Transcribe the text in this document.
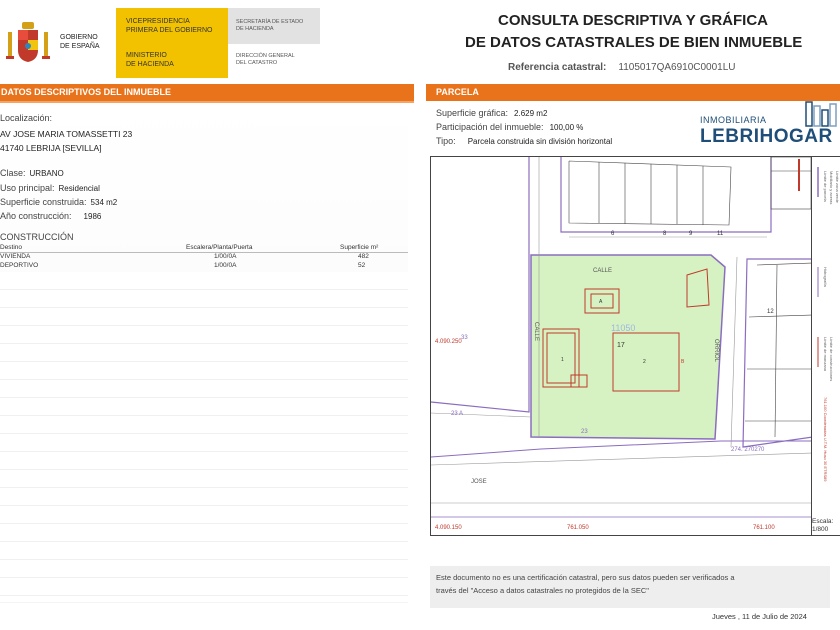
GOBIERNO
DE ESPAÑA
VICEPRESIDENCIA
PRIMERA DEL GOBIERNO
MINISTERIO
DE HACIENDA
SECRETARÍA DE ESTADO
DE HACIENDA
DIRECCIÓN GENERAL
DEL CATASTRO
CONSULTA DESCRIPTIVA Y GRÁFICA
DE DATOS CATASTRALES DE BIEN INMUEBLE
Referencia catastral: 1105017QA6910C0001LU
DATOS DESCRIPTIVOS DEL INMUEBLE
Localización:
AV JOSE MARIA TOMASSETTI 23
41740 LEBRIJA [SEVILLA]
Clase: URBANO
Uso principal: Residencial
Superficie construida: 534 m2
Año construcción: 1986
CONSTRUCCIÓN
Destino	Escalera/Planta/Puerta	Superficie m²
VIVIENDA	1/00/0A	482
DEPORTIVO	1/00/0A	52
PARCELA
Superficie gráfica: 2.629 m2
Participación del inmueble: 100,00 %
Tipo: Parcela construida sin división horizontal
INMOBILIARIA
LEBRIHOGAR
CALLE
CALLE
ORRIOL
JOSE
11050
17
33
23 A
23
11
8	9
6
12
1	2
A
B
4.090.250
4.090.150	761.050	761.100
274. 270270
Límite de parcela Mobiliario y aceras Límite zona verde
Hidrografía
Límite de manzana Límite de construcciones
761.100 Coordenadas U.T.M. Huso 30 ETRS89
Escala:
1/800
Este documento no es una certificación catastral, pero sus datos pueden ser verificados a
través del "Acceso a datos catastrales no protegidos de la SEC"
Jueves , 11 de Julio de 2024
